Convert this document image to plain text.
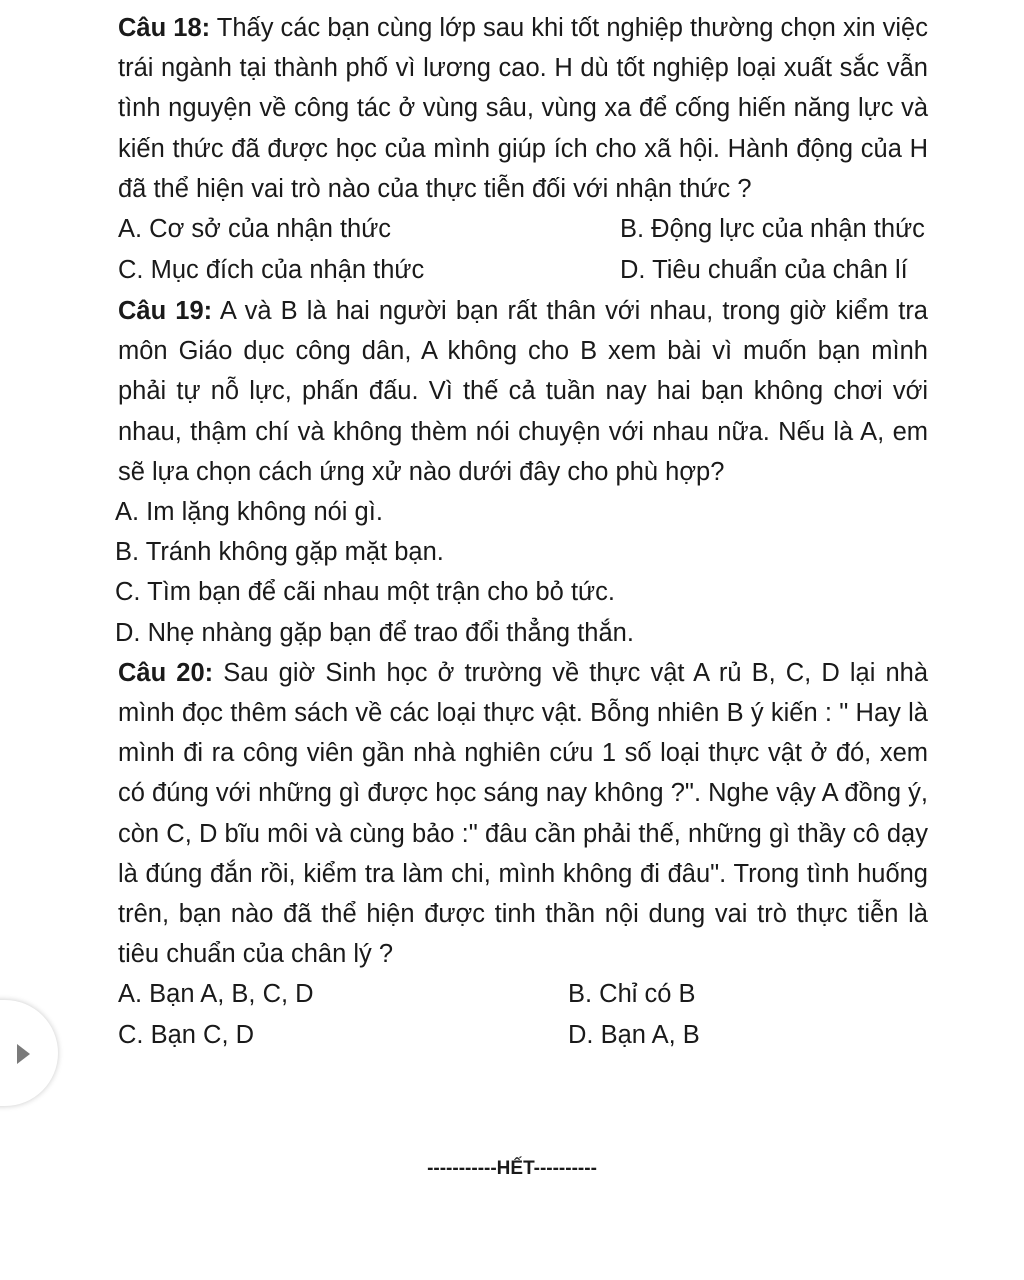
Câu 18: Thấy các bạn cùng lớp sau khi tốt nghiệp thường chọn xin việc trái ngành tại thành phố vì lương cao. H dù tốt nghiệp loại xuất sắc vẫn tình nguyện về công tác ở vùng sâu, vùng xa để cống hiến năng lực và kiến thức đã được học của mình giúp ích cho xã hội. Hành động của H đã thể hiện vai trò nào của thực tiễn đối với nhận thức ?

A. Cơ sở của nhận thức	B. Động lực của nhận thức
C. Mục đích của nhận thức	D. Tiêu chuẩn của chân lí

Câu 19: A và B là hai người bạn rất thân với nhau, trong giờ kiểm tra môn Giáo dục công dân, A không cho B xem bài vì muốn bạn mình phải tự nỗ lực, phấn đấu. Vì thế cả tuần nay hai bạn không chơi với nhau, thậm chí và không thèm nói chuyện với nhau nữa. Nếu là A, em sẽ lựa chọn cách ứng xử nào dưới đây cho phù hợp?

A. Im lặng không nói gì.
B. Tránh không gặp mặt bạn.
C. Tìm bạn để cãi nhau một trận cho bỏ tức.
D. Nhẹ nhàng gặp bạn để trao đổi thẳng thắn.

Câu 20: Sau giờ Sinh học ở trường về thực vật A rủ B, C, D lại nhà mình đọc thêm sách về các loại thực vật. Bỗng nhiên B ý kiến : " Hay là mình đi ra công viên gần nhà nghiên cứu 1 số loại thực vật ở đó, xem có đúng với những gì được học sáng nay không ?". Nghe vậy A đồng ý, còn C, D bĩu môi và cùng bảo :" đâu cần phải thế, những gì thầy cô dạy là đúng đắn rồi, kiểm tra làm chi, mình không đi đâu". Trong tình huống trên, bạn nào đã thể hiện được tinh thần nội dung vai trò thực tiễn là tiêu chuẩn của chân lý ?

A. Bạn A, B, C, D	B. Chỉ có B
C. Bạn C, D	D. Bạn A, B
-----------HẾT----------
